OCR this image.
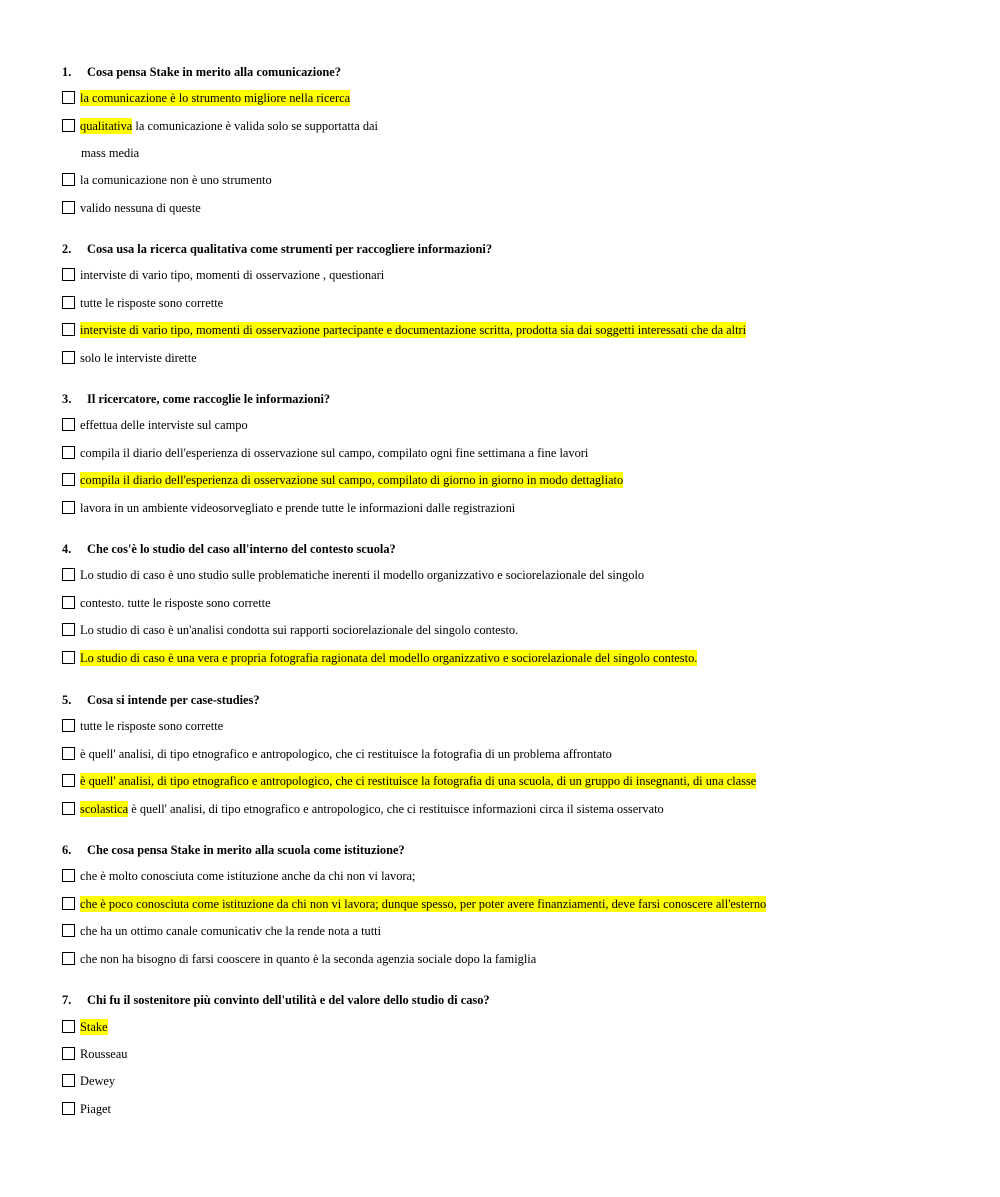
1. Cosa pensa Stake in merito alla comunicazione?
la comunicazione è lo strumento migliore nella ricerca
qualitativa la comunicazione è valida solo se supportatta dai
mass media
la comunicazione non è uno strumento
valido nessuna di queste
2. Cosa usa la ricerca qualitativa come strumenti per raccogliere informazioni?
interviste di vario tipo, momenti di osservazione , questionari
tutte le risposte sono corrette
interviste di vario tipo, momenti di osservazione partecipante e documentazione scritta, prodotta sia dai soggetti interessati che da altri
solo le interviste dirette
3. Il ricercatore, come raccoglie le informazioni?
effettua delle interviste sul campo
compila il diario dell'esperienza di osservazione sul campo, compilato ogni fine settimana a fine lavori
compila il diario dell'esperienza di osservazione sul campo, compilato di giorno in giorno in modo dettagliato
lavora in un ambiente videosorvegliato e prende tutte le informazioni dalle registrazioni
4. Che cos'è lo studio del caso all'interno del contesto scuola?
Lo studio di caso è uno studio sulle problematiche inerenti il modello organizzativo e sociorelazionale del singolo
contesto. tutte le risposte sono corrette
Lo studio di caso è un'analisi condotta sui rapporti sociorelazionale del singolo contesto.
Lo studio di caso è una vera e propria fotografia ragionata del modello organizzativo e sociorelazionale del singolo contesto.
5. Cosa si intende per case-studies?
tutte le risposte sono corrette
è quell' analisi, di tipo etnografico e antropologico, che ci restituisce la fotografia di un problema affrontato
è quell' analisi, di tipo etnografico e antropologico, che ci restituisce la fotografia di una scuola, di un gruppo di insegnanti, di una classe
scolastica è quell' analisi, di tipo etnografico e antropologico, che ci restituisce informazioni circa il sistema osservato
6. Che cosa pensa Stake in merito alla scuola come istituzione?
che è molto conosciuta come istituzione anche da chi non vi lavora;
che è poco conosciuta come istituzione da chi non vi lavora; dunque spesso, per poter avere finanziamenti, deve farsi conoscere all'esterno
che ha un ottimo canale comunicativ che la rende nota a tutti
che non ha bisogno di farsi cooscere in quanto è la seconda agenzia sociale dopo la famiglia
7. Chi fu il sostenitore più convinto dell'utilità e del valore dello studio di caso?
Stake
Rousseau
Dewey
Piaget
